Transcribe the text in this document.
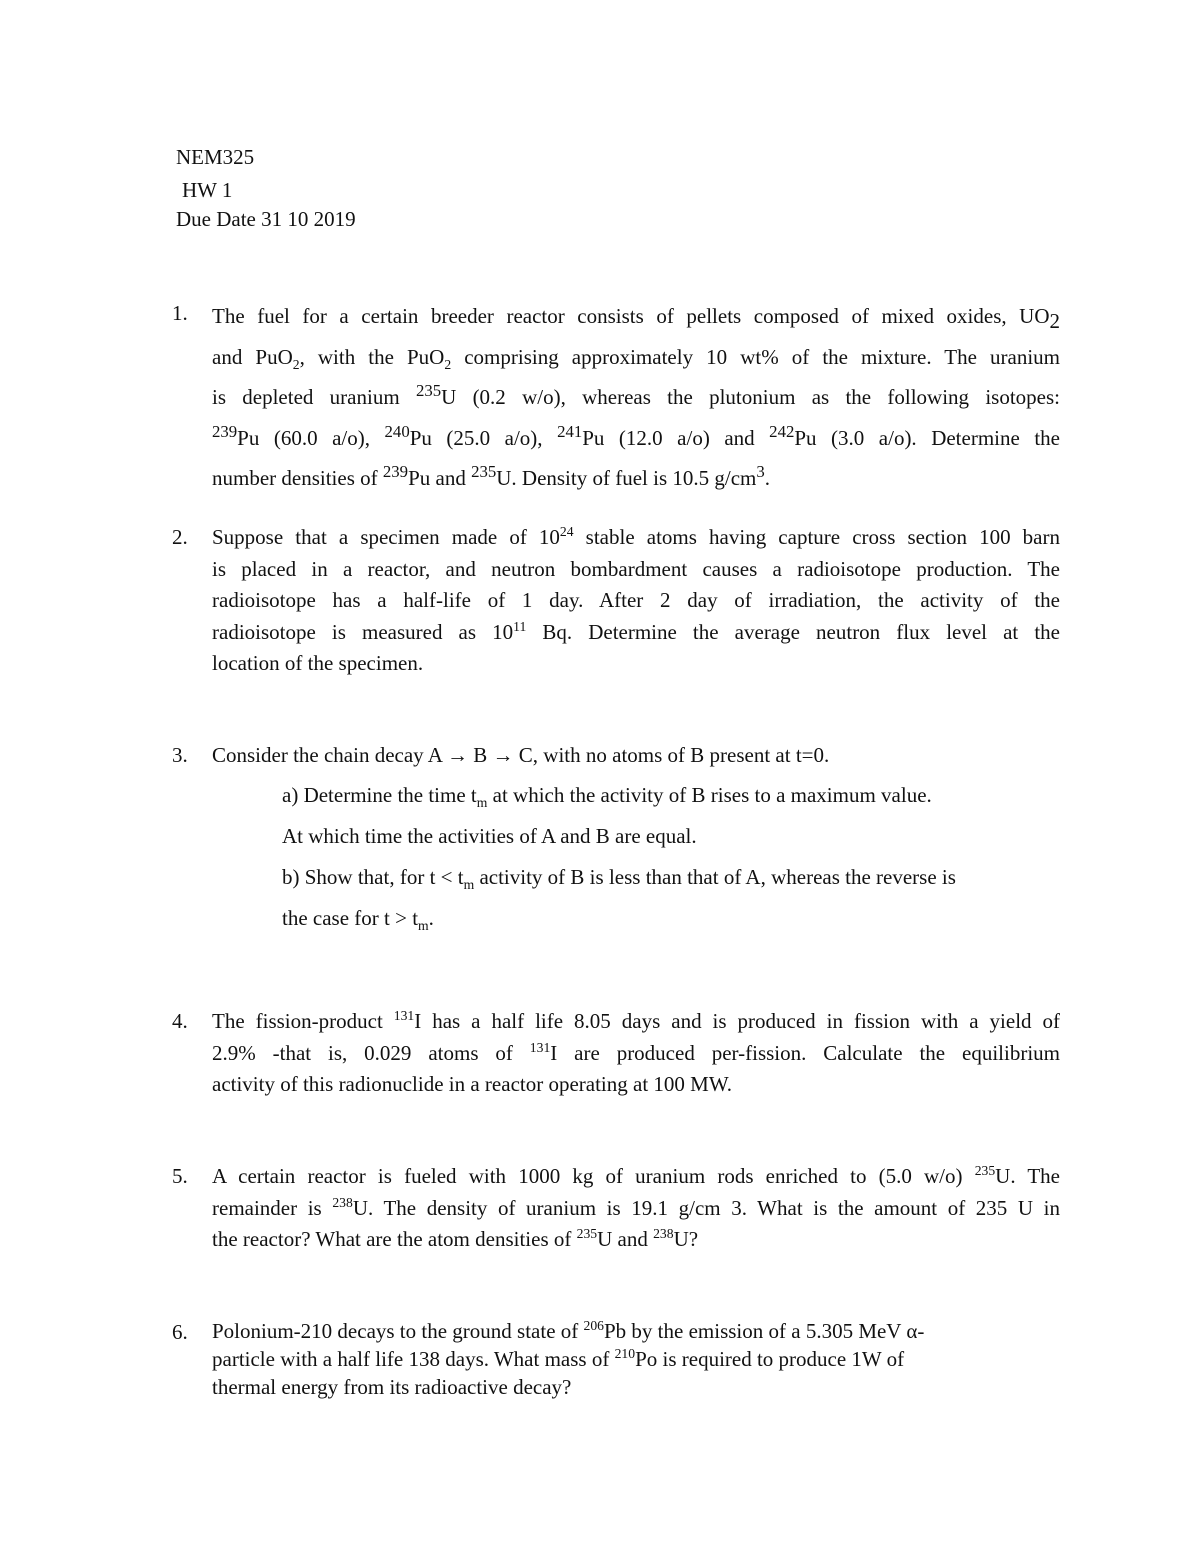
NEM325
HW 1
Due Date 31 10 2019
1. The fuel for a certain breeder reactor consists of pellets composed of mixed oxides, $UO_2$
and PuO$_2$, with the PuO$_2$ comprising approximately 10 wt% of the mixture. The uranium
is depleted uranium $^{235}$U (0.2 w/o), whereas the plutonium as the following isotopes:
$^{239}$Pu (60.0 a/o), $^{240}$Pu (25.0 a/o), $^{241}$Pu (12.0 a/o) and $^{242}$Pu (3.0 a/o). Determine the
number densities of $^{239}$Pu and $^{235}$U. Density of fuel is 10.5 $g/cm^3$.
2. Suppose that a specimen made of $10^{24}$ stable atoms having capture cross section 100 barn
is placed in a reactor, and neutron bombardment causes a radioisotope production. The
radioisotope has a half-life of 1 day. After 2 day of irradiation, the activity of the
radioisotope is measured as $10^{11}$ Bq. Determine the average neutron flux level at the
location of the specimen.
3. Consider the chain decay A → B → C, with no atoms of B present at t=0.
a) Determine the time $t_m$ at which the activity of B rises to a maximum value.
At which time the activities of A and B are equal.
b) Show that, for $t < t_m$ activity of B is less than that of A, whereas the reverse is
the case for $t > t_m$.
4. The fission-product $^{131}$I has a half life 8.05 days and is produced in fission with a yield of
2.9% -that is, 0.029 atoms of $^{131}$I are produced per-fission. Calculate the equilibrium
activity of this radionuclide in a reactor operating at 100 MW.
5. A certain reactor is fueled with 1000 kg of uranium rods enriched to (5.0 w/o) $^{235}$U. The
remainder is $^{238}$U. The density of uranium is 19.1 g/cm 3. What is the amount of 235 U in
the reactor? What are the atom densities of $^{235}$U and $^{238}$U?
6. Polonium-210 decays to the ground state of $^{206}$Pb by the emission of a 5.305 MeV α-
particle with a half life 138 days. What mass of $^{210}$Po is required to produce 1W of
thermal energy from its radioactive decay?
